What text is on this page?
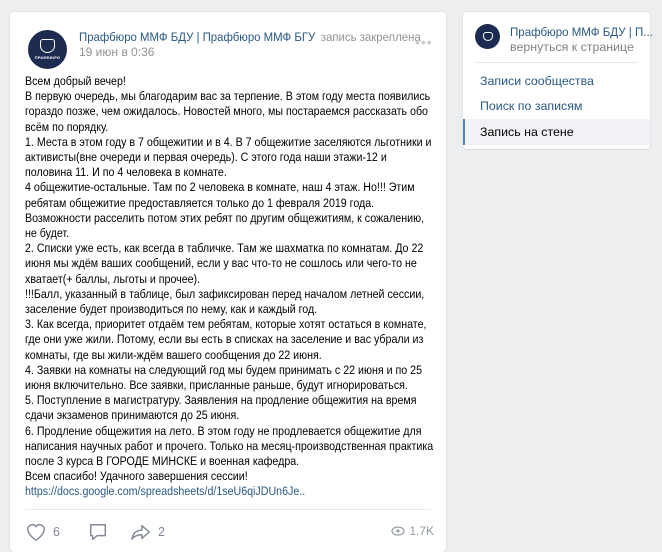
ПРАФБЮРО
Прафбюро ММФ БДУ | Прафбюро ММФ БГУ запись закреплена
19 июн в 0:36
•••
Всем добрый вечер!
В первую очередь, мы благодарим вас за терпение. В этом году места появились
гораздо позже, чем ожидалось. Новостей много, мы постараемся рассказать обо
всём по порядку.
1. Места в этом году в 7 общежитии и в 4. В 7 общежитие заселяются льготники и
активисты(вне очереди и первая очередь). С этого года наши этажи-12 и
половина 11. И по 4 человека в комнате.
4 общежитие-остальные. Там по 2 человека в комнате, наш 4 этаж. Но!!! Этим
ребятам общежитие предоставляется только до 1 февраля 2019 года.
Возможности расселить потом этих ребят по другим общежитиям, к сожалению,
не будет.
2. Списки уже есть, как всегда в табличке. Там же шахматка по комнатам. До 22
июня мы ждём ваших сообщений, если у вас что-то не сошлось или чего-то не
хватает(+ баллы, льготы и прочее).
!!!Балл, указанный в таблице, был зафиксирован перед началом летней сессии,
заселение будет производиться по нему, как и каждый год.
3. Как всегда, приоритет отдаём тем ребятам, которые хотят остаться в комнате,
где они уже жили. Потому, если вы есть в списках на заселение и вас убрали из
комнаты, где вы жили-ждём вашего сообщения до 22 июня.
4. Заявки на комнаты на следующий год мы будем принимать с 22 июня и по 25
июня включительно. Все заявки, присланные раньше, будут игнорироваться.
5. Поступление в магистратуру. Заявления на продление общежития на время
сдачи экзаменов принимаются до 25 июня.
6. Продление общежития на лето. В этом году не продлевается общежитие для
написания научных работ и прочего. Только на месяц-производственная практика
после 3 курса В ГОРОДЕ МИНСКЕ и военная кафедра.
Всем спасибо! Удачного завершения сессии!
https://docs.google.com/spreadsheets/d/1seU6qiJDUn6Je..
6	2	1.7K
Прафбюро ММФ БДУ | П...
вернуться к странице
Записи сообщества
Поиск по записям
Запись на стене
